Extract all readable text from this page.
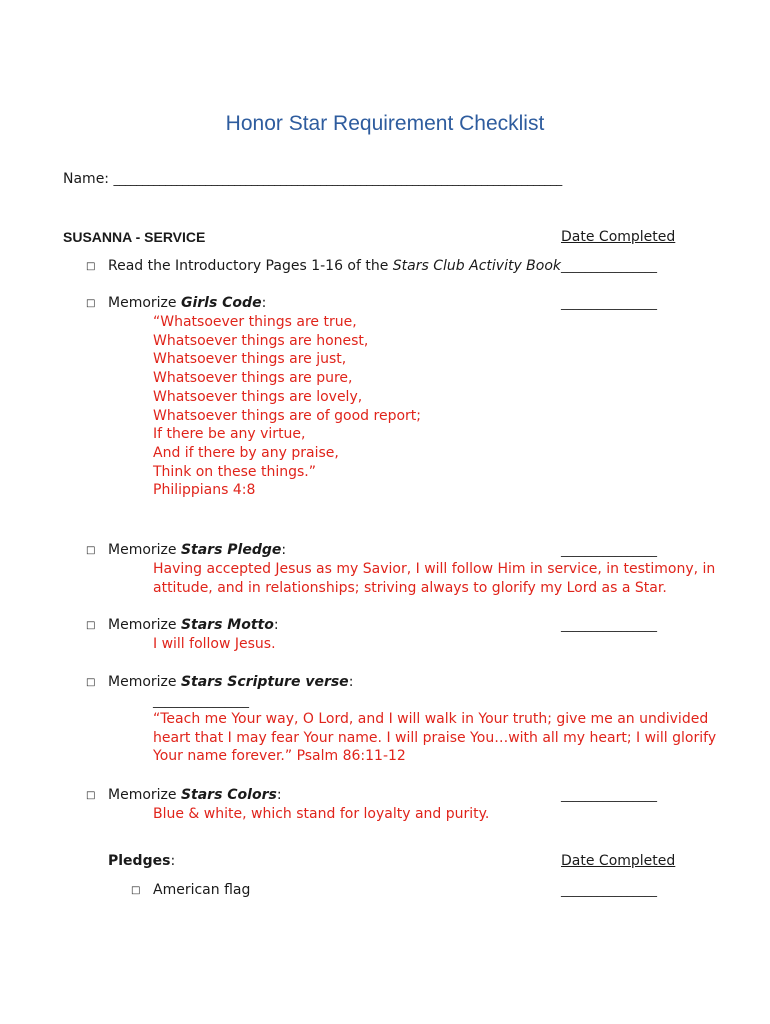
Honor Star Requirement Checklist
Name: ______________________________________________________________________________
SUSANNA - SERVICE	Date Completed
□ Read the Introductory Pages 1-16 of the Stars Club Activity Book ________________
□ Memorize Girls Code:	________________
“Whatsoever things are true,
Whatsoever things are honest,
Whatsoever things are just,
Whatsoever things are pure,
Whatsoever things are lovely,
Whatsoever things are of good report;
If there be any virtue,
And if there by any praise,
Think on these things.”
Philippians 4:8
□ Memorize Stars Pledge:	________________
Having accepted Jesus as my Savior, I will follow Him in service, in testimony, in
attitude, and in relationships; striving always to glorify my Lord as a Star.
□ Memorize Stars Motto:	________________
I will follow Jesus.
□ Memorize Stars Scripture verse:
________________
“Teach me Your way, O Lord, and I will walk in Your truth; give me an undivided
heart that I may fear Your name. I will praise You…with all my heart; I will glorify
Your name forever.” Psalm 86:11-12
□ Memorize Stars Colors:	________________
Blue & white, which stand for loyalty and purity.
Pledges:	Date Completed
□ American flag	________________
